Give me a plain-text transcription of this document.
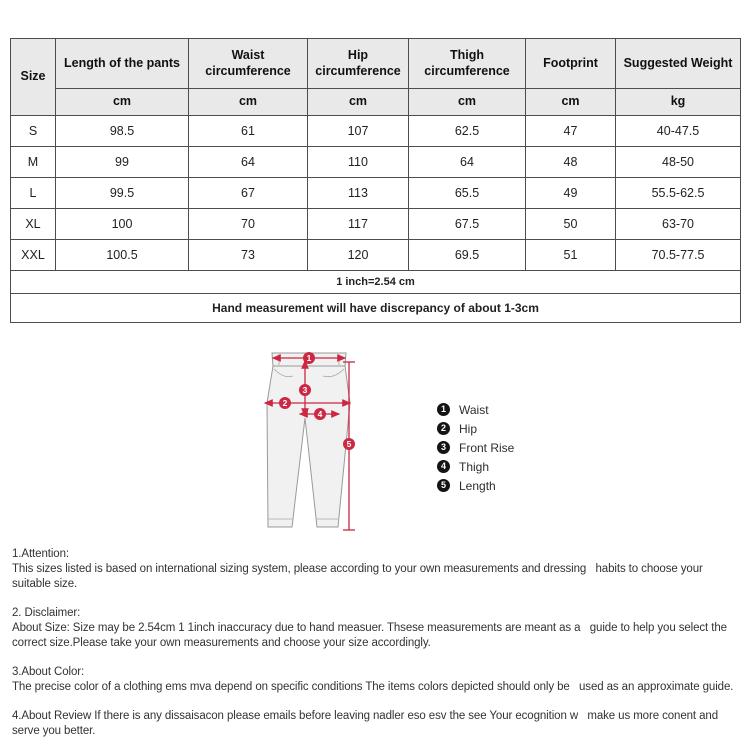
Size	Length of the pants	Waist circumference	Hip circumference	Thigh circumference	Footprint	Suggested Weight
	cm	cm	cm	cm	cm	kg
S	98.5	61	107	62.5	47	40-47.5
M	99	64	110	64	48	48-50
L	99.5	67	113	65.5	49	55.5-62.5
XL	100	70	117	67.5	50	63-70
XXL	100.5	73	120	69.5	51	70.5-77.5
1 inch=2.54 cm						
Hand measurement will have discrepancy of about 1-3cm						
1
2
3
4
5
1	Waist
2	Hip
3	Front Rise
4	Thigh
5	Length
1.Attention:
This sizes listed is based on international sizing system, please according to your own measurements and dressing   habits to choose your suitable size.
2. Disclaimer:
About Size: Size may be 2.54cm 1 1inch inaccuracy due to hand measuer. Thsese measurements are meant as a   guide to help you select the correct size.Please take your own measurements and choose your size accordingly.
3.About Color:
The precise color of a clothing ems mva depend on specific conditions The items colors depicted should only be   used as an approximate guide.
4.About Review If there is any dissaisacon please emails before leaving nadler eso esv the see Your ecognition w   make us more conent and serve you better.
